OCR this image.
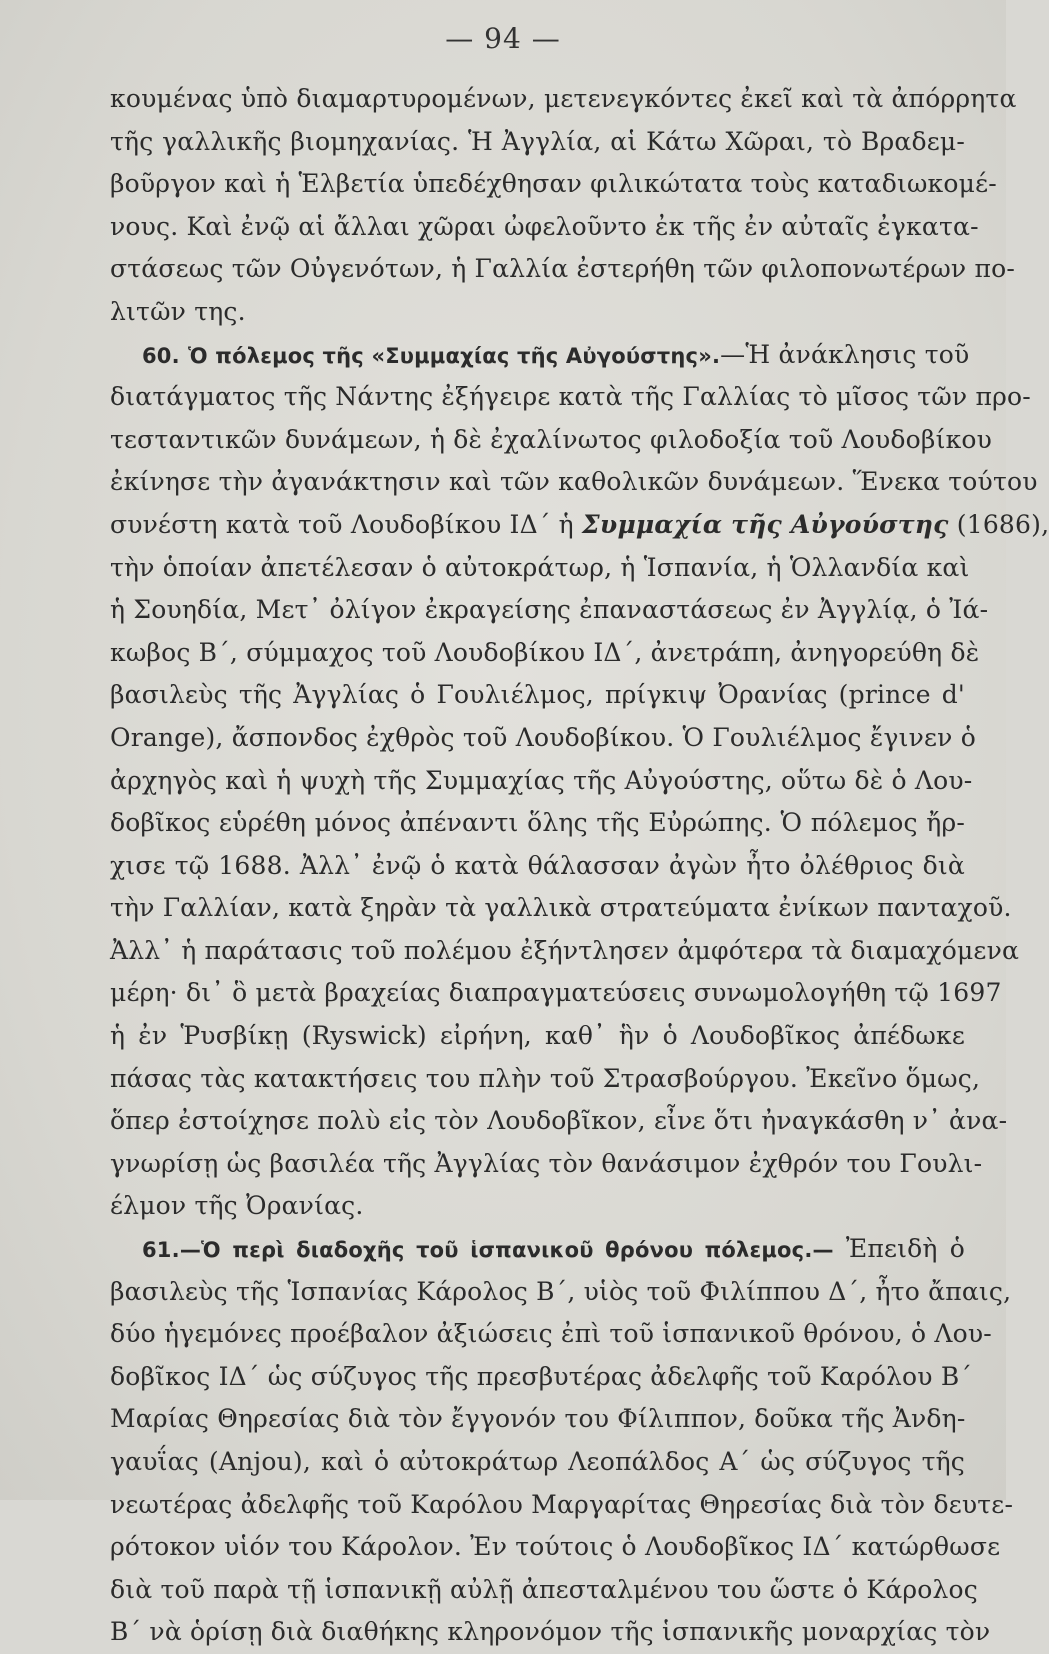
— 94 —
κουμένας ὑπὸ διαμαρτυρομένων, μετενεγκόντες ἐκεῖ καὶ τὰ ἀπόρρητα
τῆς γαλλικῆς βιομηχανίας. Ἡ Ἀγγλία, αἱ Κάτω Χῶραι, τὸ Βραδεμ-
βοῦργον καὶ ἡ Ἑλβετία ὑπεδέχθησαν φιλικώτατα τοὺς καταδιωκομέ-
νους. Καὶ ἐνῷ αἱ ἄλλαι χῶραι ὠφελοῦντο ἐκ τῆς ἐν αὐταῖς ἐγκατα-
στάσεως τῶν Οὐγενότων, ἡ Γαλλία ἐστερήθη τῶν φιλοπονωτέρων πο-
λιτῶν της.
60. Ὁ πόλεμος τῆς «Συμμαχίας τῆς Αὐγούστης».—Ἡ ἀνάκλησις τοῦ
διατάγματος τῆς Νάντης ἐξήγειρε κατὰ τῆς Γαλλίας τὸ μῖσος τῶν προ-
τεσταντικῶν δυνάμεων, ἡ δὲ ἐχαλίνωτος φιλοδοξία τοῦ Λουδοβίκου
ἐκίνησε τὴν ἀγανάκτησιν καὶ τῶν καθολικῶν δυνάμεων. Ἕνεκα τούτου
συνέστη κατὰ τοῦ Λουδοβίκου ΙΔ΄ ἡ Συμμαχία τῆς Αὐγούστης (1686),
τὴν ὁποίαν ἀπετέλεσαν ὁ αὐτοκράτωρ, ἡ Ἱσπανία, ἡ Ὁλλανδία καὶ
ἡ Σουηδία, Μετ᾽ ὀλίγον ἐκραγείσης ἐπαναστάσεως ἐν Ἀγγλίᾳ, ὁ Ἰά-
κωβος Β΄, σύμμαχος τοῦ Λουδοβίκου ΙΔ΄, ἀνετράπη, ἀνηγορεύθη δὲ
βασιλεὺς τῆς Ἀγγλίας ὁ Γουλιέλμος, πρίγκιψ Ὀρανίας (prince d'
Orange), ἄσπονδος ἐχθρὸς τοῦ Λουδοβίκου. Ὁ Γουλιέλμος ἔγινεν ὁ
ἀρχηγὸς καὶ ἡ ψυχὴ τῆς Συμμαχίας τῆς Αὐγούστης, οὕτω δὲ ὁ Λου-
δοβῖκος εὑρέθη μόνος ἀπέναντι ὅλης τῆς Εὐρώπης. Ὁ πόλεμος ἤρ-
χισε τῷ 1688. Ἀλλ᾽ ἐνῷ ὁ κατὰ θάλασσαν ἀγὼν ἦτο ὀλέθριος διὰ
τὴν Γαλλίαν, κατὰ ξηρὰν τὰ γαλλικὰ στρατεύματα ἐνίκων πανταχοῦ.
Ἀλλ᾽ ἡ παράτασις τοῦ πολέμου ἐξήντλησεν ἀμφότερα τὰ διαμαχόμενα
μέρη· δι᾽ ὃ μετὰ βραχείας διαπραγματεύσεις συνωμολογήθη τῷ 1697
ἡ ἐν Ῥυσβίκῃ (Ryswick) εἰρήνη, καθ᾽ ἣν ὁ Λουδοβῖκος ἀπέδωκε
πάσας τὰς κατακτήσεις του πλὴν τοῦ Στρασβούργου. Ἐκεῖνο ὅμως,
ὅπερ ἐστοίχησε πολὺ εἰς τὸν Λουδοβῖκον, εἶνε ὅτι ἠναγκάσθη ν᾽ ἀνα-
γνωρίσῃ ὡς βασιλέα τῆς Ἀγγλίας τὸν θανάσιμον ἐχθρόν του Γουλι-
έλμον τῆς Ὀρανίας.
61.—Ὁ περὶ διαδοχῆς τοῦ ἱσπανικοῦ θρόνου πόλεμος.— Ἐπειδὴ ὁ
βασιλεὺς τῆς Ἱσπανίας Κάρολος Β΄, υἱὸς τοῦ Φιλίππου Δ΄, ἦτο ἄπαις,
δύο ἡγεμόνες προέβαλον ἀξιώσεις ἐπὶ τοῦ ἱσπανικοῦ θρόνου, ὁ Λου-
δοβῖκος ΙΔ΄ ὡς σύζυγος τῆς πρεσβυτέρας ἀδελφῆς τοῦ Καρόλου Β΄
Μαρίας Θηρεσίας διὰ τὸν ἔγγονόν του Φίλιππον, δοῦκα τῆς Ἀνδη-
γαυΐας (Anjou), καὶ ὁ αὐτοκράτωρ Λεοπάλδος Α΄ ὡς σύζυγος τῆς
νεωτέρας ἀδελφῆς τοῦ Καρόλου Μαργαρίτας Θηρεσίας διὰ τὸν δευτε-
ρότοκον υἱόν του Κάρολον. Ἐν τούτοις ὁ Λουδοβῖκος ΙΔ΄ κατώρθωσε
διὰ τοῦ παρὰ τῇ ἱσπανικῇ αὐλῇ ἀπεσταλμένου του ὥστε ὁ Κάρολος
Β΄ νὰ ὁρίσῃ διὰ διαθήκης κληρονόμον τῆς ἱσπανικῆς μοναρχίας τὸν
